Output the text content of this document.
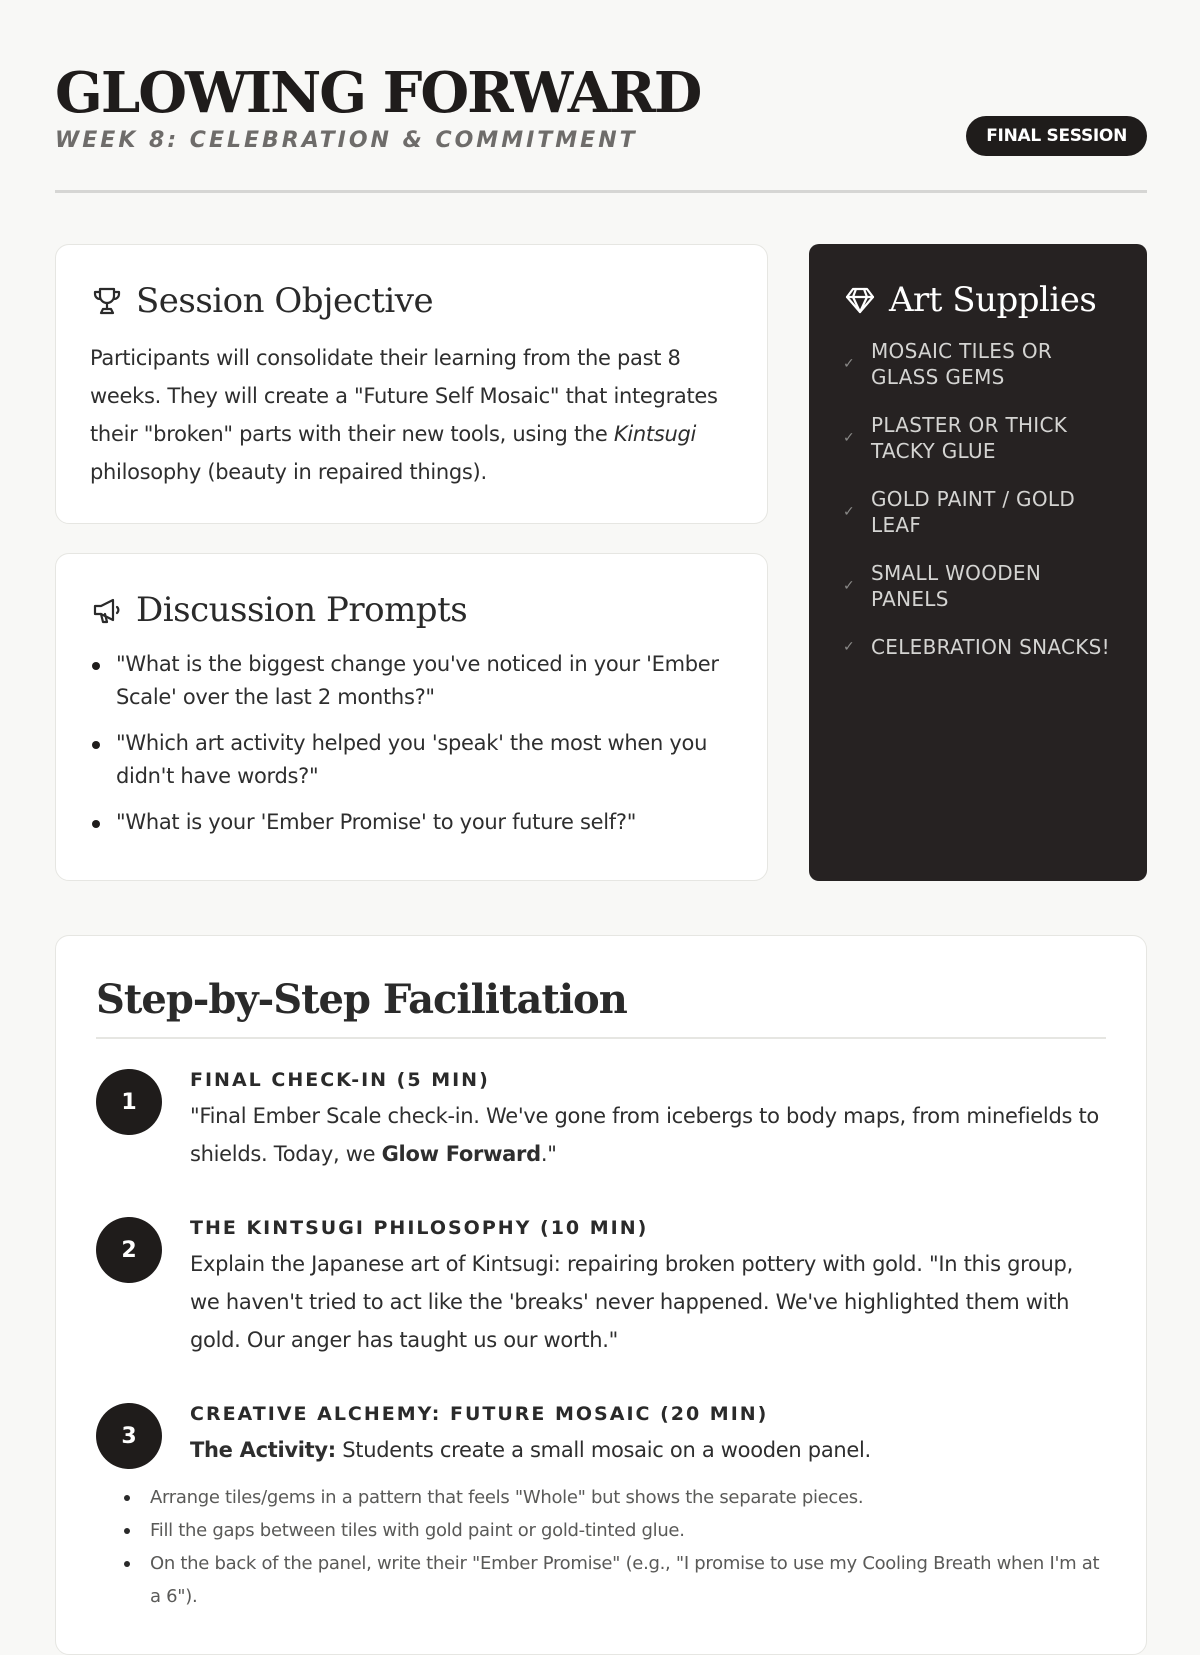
GLOWING FORWARD
WEEK 8: CELEBRATION & COMMITMENT	FINAL SESSION
Session Objective

Participants will consolidate their learning from the past 8 weeks. They will create a "Future Self Mosaic" that integrates their "broken" parts with their new tools, using the Kintsugi philosophy (beauty in repaired things).

Discussion Prompts
"What is the biggest change you've noticed in your 'Ember Scale' over the last 2 months?"
"Which art activity helped you 'speak' the most when you didn't have words?"
"What is your 'Ember Promise' to your future self?"
Art Supplies
✓
MOSAIC TILES OR GLASS GEMS
✓
PLASTER OR THICK TACKY GLUE
✓
GOLD PAINT / GOLD LEAF
✓
SMALL WOODEN PANELS
✓ CELEBRATION SNACKS!
Step-by-Step Facilitation
1
FINAL CHECK-IN (5 MIN)
"Final Ember Scale check-in. We've gone from icebergs to body maps, from minefields to shields. Today, we Glow Forward."
2
THE KINTSUGI PHILOSOPHY (10 MIN)
Explain the Japanese art of Kintsugi: repairing broken pottery with gold. "In this group, we haven't tried to act like the 'breaks' never happened. We've highlighted them with gold. Our anger has taught us our worth."
3
CREATIVE ALCHEMY: FUTURE MOSAIC (20 MIN)
The Activity: Students create a small mosaic on a wooden panel.
Arrange tiles/gems in a pattern that feels "Whole" but shows the separate pieces.
Fill the gaps between tiles with gold paint or gold-tinted glue.
On the back of the panel, write their "Ember Promise" (e.g., "I promise to use my Cooling Breath when I'm at a 6").
